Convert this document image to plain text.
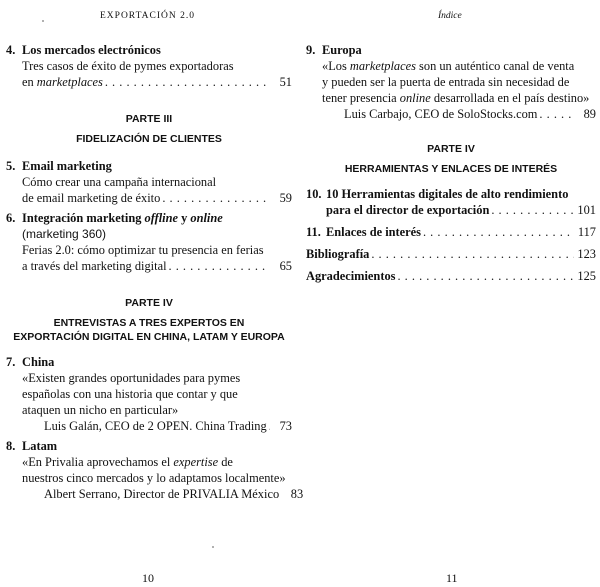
EXPORTACIÓN 2.0
4. Los mercados electrónicos
Tres casos de éxito de pymes exportadoras
en marketplaces . . .	51
PARTE III
FIDELIZACIÓN DE CLIENTES
5. Email marketing
Cómo crear una campaña internacional
de email marketing de éxito . . .	59
6. Integración marketing offline y online
(marketing 360)
Ferias 2.0: cómo optimizar tu presencia en ferias
a través del marketing digital . . .	65
PARTE IV
ENTREVISTAS A TRES EXPERTOS EN
EXPORTACIÓN DIGITAL EN CHINA, LATAM Y EUROPA
7. China
«Existen grandes oportunidades para pymes
españolas con una historia que contar y que
ataquen un nicho en particular»
Luis Galán, CEO de 2 OPEN. China Trading . . .	73
8. Latam
«En Privalia aprovechamos el expertise de
nuestros cinco mercados y lo adaptamos localmente»
Albert Serrano, Director de PRIVALIA México 83
10
Índice
9. Europa
«Los marketplaces son un auténtico canal de venta
y pueden ser la puerta de entrada sin necesidad de
tener presencia online desarrollada en el país destino»
Luis Carbajo, CEO de SoloStocks.com . . .	89
PARTE IV
HERRAMIENTAS Y ENLACES DE INTERÉS
10. 10 Herramientas digitales de alto rendimiento
para el director de exportación . . .	101
11. Enlaces de interés . . .	117
Bibliografía . . .	123
Agradecimientos . . .	125
11
